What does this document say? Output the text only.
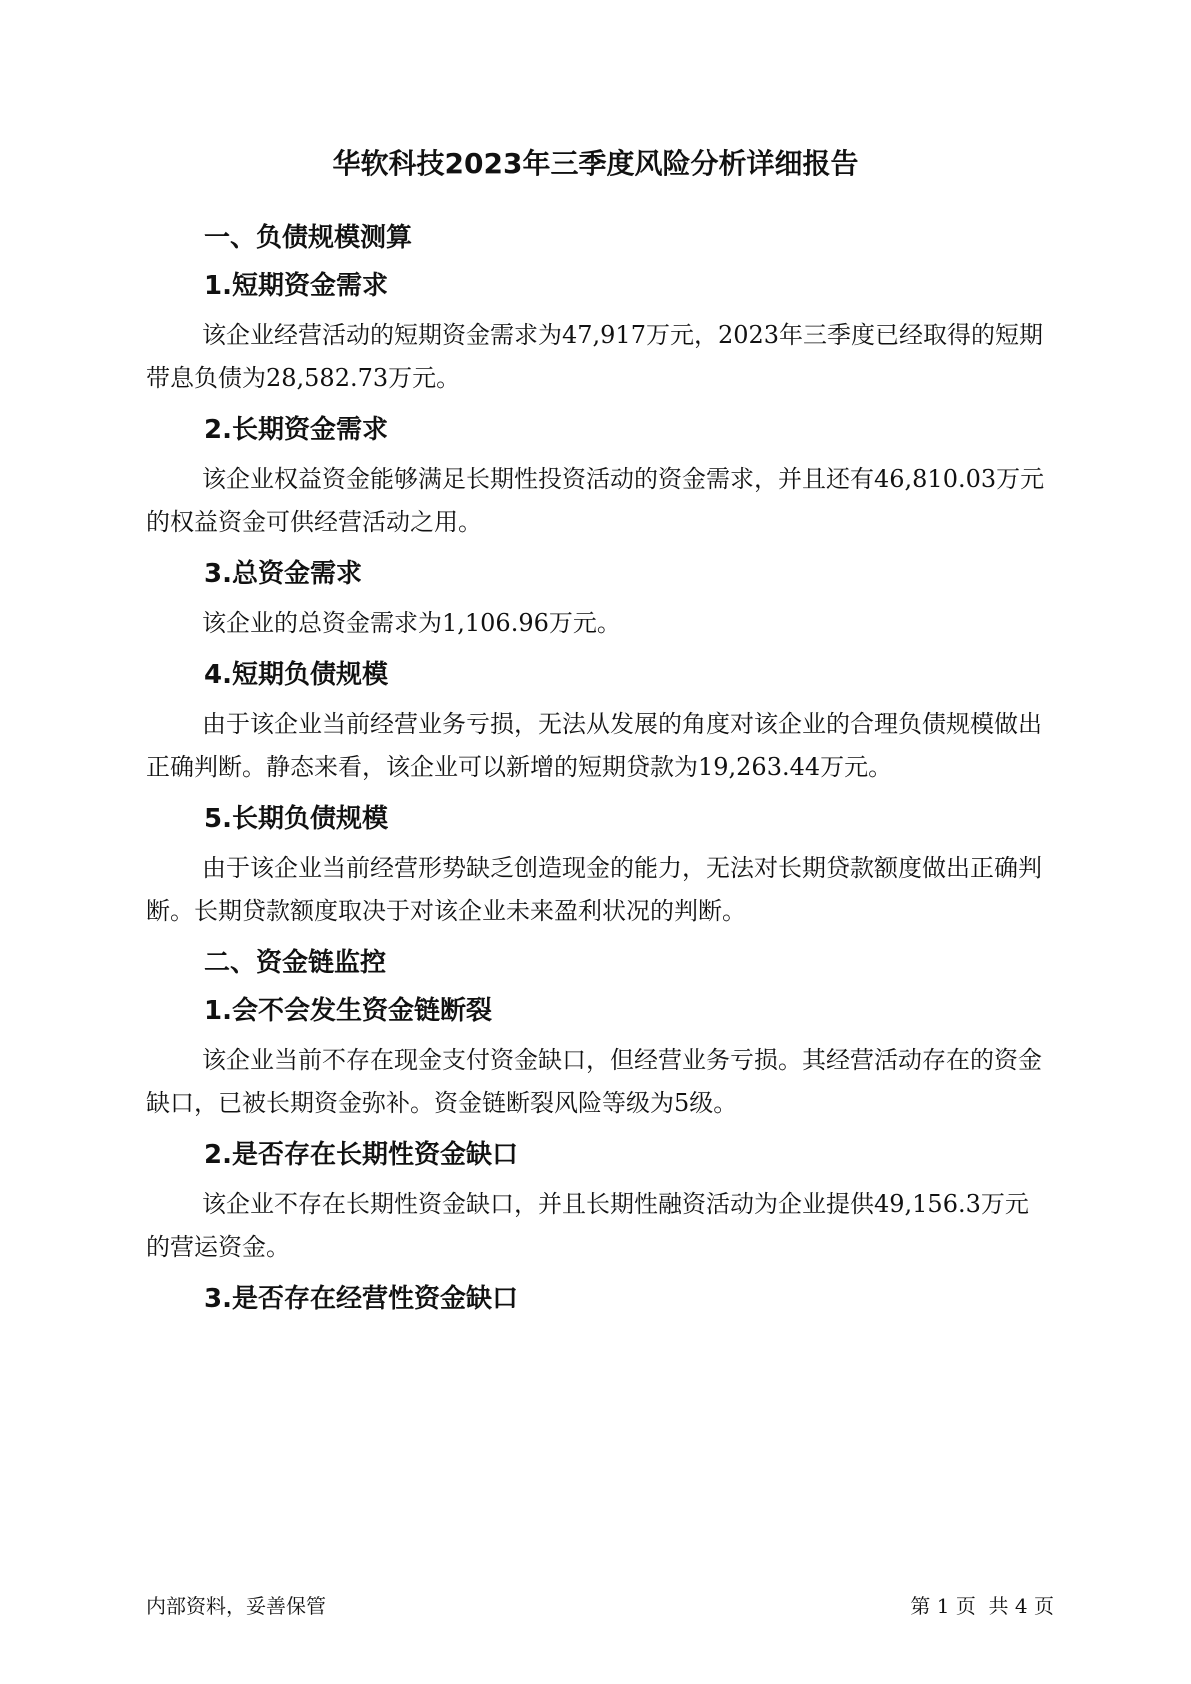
华软科技2023年三季度风险分析详细报告
一、负债规模测算
1.短期资金需求

该企业经营活动的短期资金需求为47,917万元，2023年三季度已经取得的短期带息负债为28,582.73万元。

2.长期资金需求

该企业权益资金能够满足长期性投资活动的资金需求，并且还有46,810.03万元的权益资金可供经营活动之用。

3.总资金需求

该企业的总资金需求为1,106.96万元。

4.短期负债规模

由于该企业当前经营业务亏损，无法从发展的角度对该企业的合理负债规模做出正确判断。静态来看，该企业可以新增的短期贷款为19,263.44万元。

5.长期负债规模

由于该企业当前经营形势缺乏创造现金的能力，无法对长期贷款额度做出正确判断。长期贷款额度取决于对该企业未来盈利状况的判断。

二、资金链监控
1.会不会发生资金链断裂

该企业当前不存在现金支付资金缺口，但经营业务亏损。其经营活动存在的资金缺口，已被长期资金弥补。资金链断裂风险等级为5级。

2.是否存在长期性资金缺口

该企业不存在长期性资金缺口，并且长期性融资活动为企业提供49,156.3万元的营运资金。

3.是否存在经营性资金缺口
内部资料，妥善保管	第 1 页  共 4 页
